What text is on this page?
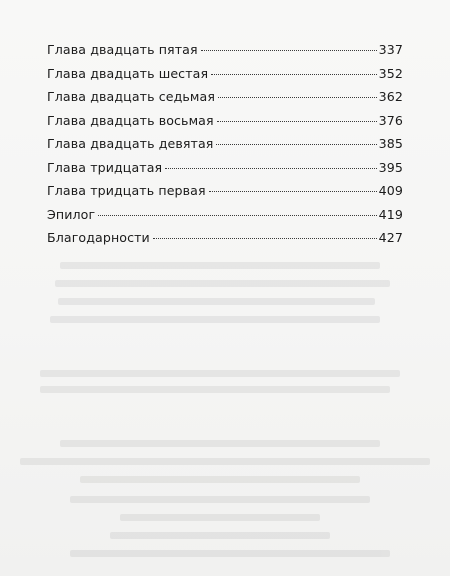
Глава двадцать пятая	337
Глава двадцать шестая	352
Глава двадцать седьмая	362
Глава двадцать восьмая	376
Глава двадцать девятая	385
Глава тридцатая	395
Глава тридцать первая	409
Эпилог	419
Благодарности	427
